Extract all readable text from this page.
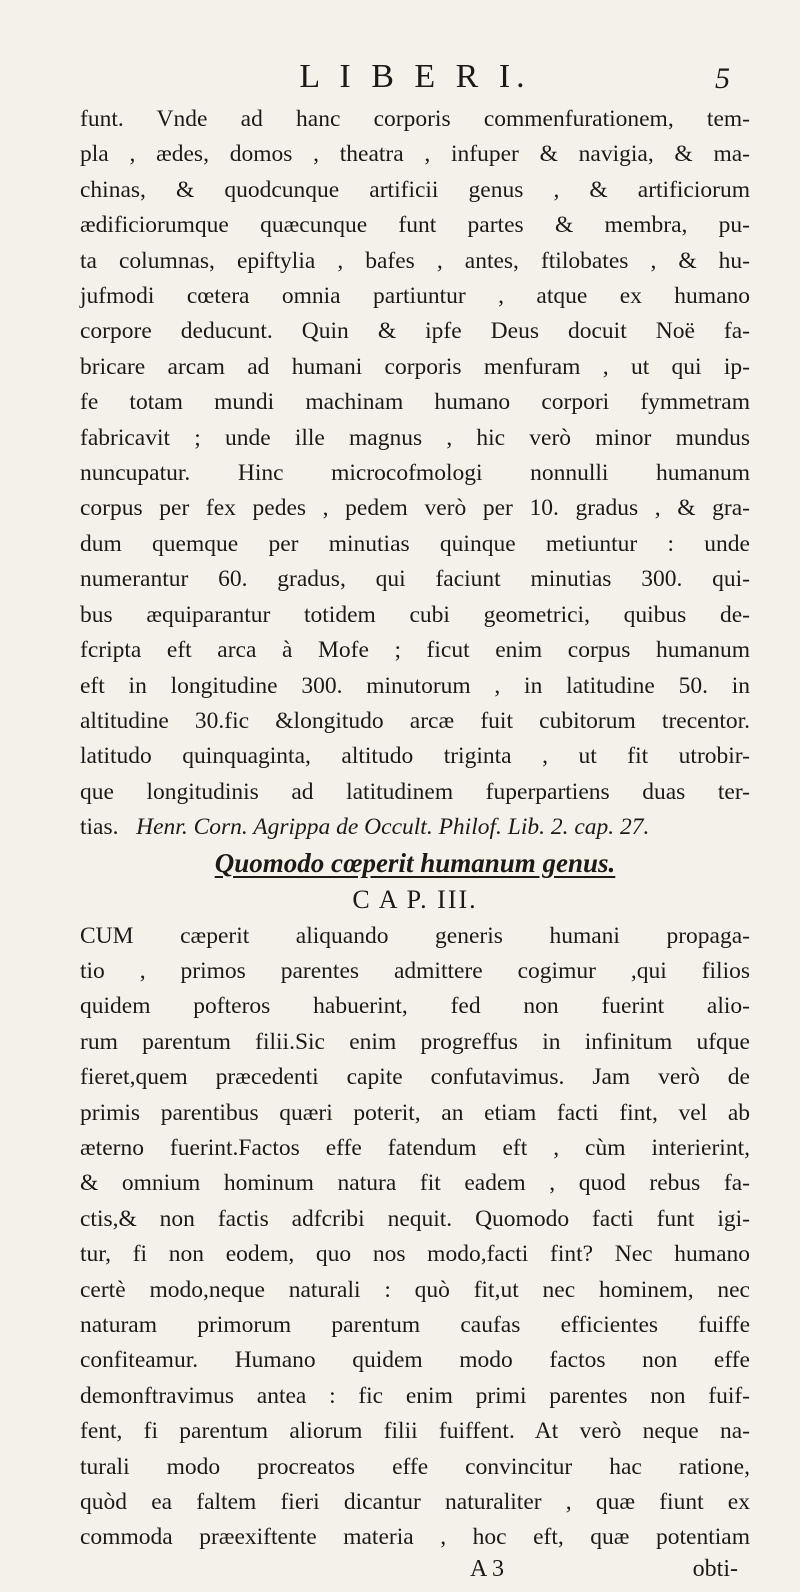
L I B E R I.	5

funt. Vnde ad hanc corporis commenfurationem, tem-

pla , ædes, domos , theatra , infuper & navigia, & ma-

chinas, & quodcunque artificii genus , & artificiorum

ædificiorumque quæcunque funt partes & membra, pu-

ta columnas, epiftylia , bafes , antes, ftilobates , & hu-

jufmodi cœtera omnia partiuntur , atque ex humano

corpore deducunt. Quin & ipfe Deus docuit Noë fa-

bricare arcam ad humani corporis menfuram , ut qui ip-

fe totam mundi machinam humano corpori fymmetram

fabricavit ; unde ille magnus , hic verò minor mundus

nuncupatur. Hinc microcofmologi nonnulli humanum

corpus per fex pedes , pedem verò per 10. gradus , & gra-

dum quemque per minutias quinque metiuntur : unde

numerantur 60. gradus, qui faciunt minutias 300. qui-

bus æquiparantur totidem cubi geometrici, quibus de-

fcripta eft arca à Mofe ; ficut enim corpus humanum

eft in longitudine 300. minutorum , in latitudine 50. in

altitudine 30.fic &longitudo arcæ fuit cubitorum trecentor.

latitudo quinquaginta, altitudo triginta , ut fit utrobir-

que longitudinis ad latitudinem fuperpartiens duas ter-

tias. Henr. Corn. Agrippa de Occult. Philof. Lib. 2. cap. 27.

Quomodo cœperit humanum genus.
C A P. III.

CUM cæperit aliquando generis humani propaga-

tio , primos parentes admittere cogimur ,qui filios

quidem pofteros habuerint, fed non fuerint alio-

rum parentum filii.Sic enim progreffus in infinitum ufque

fieret,quem præcedenti capite confutavimus. Jam verò de

primis parentibus quæri poterit, an etiam facti fint, vel ab

æterno fuerint.Factos effe fatendum eft , cùm interierint,

& omnium hominum natura fit eadem , quod rebus fa-

ctis,& non factis adfcribi nequit. Quomodo facti funt igi-

tur, fi non eodem, quo nos modo,facti fint? Nec humano

certè modo,neque naturali : quò fit,ut nec hominem, nec

naturam primorum parentum caufas efficientes fuiffe

confiteamur. Humano quidem modo factos non effe

demonftravimus antea : fic enim primi parentes non fuif-

fent, fi parentum aliorum filii fuiffent. At verò neque na-

turali modo procreatos effe convincitur hac ratione,

quòd ea faltem fieri dicantur naturaliter , quæ fiunt ex

commoda præexiftente materia , hoc eft, quæ potentiam

A 3	obti-
